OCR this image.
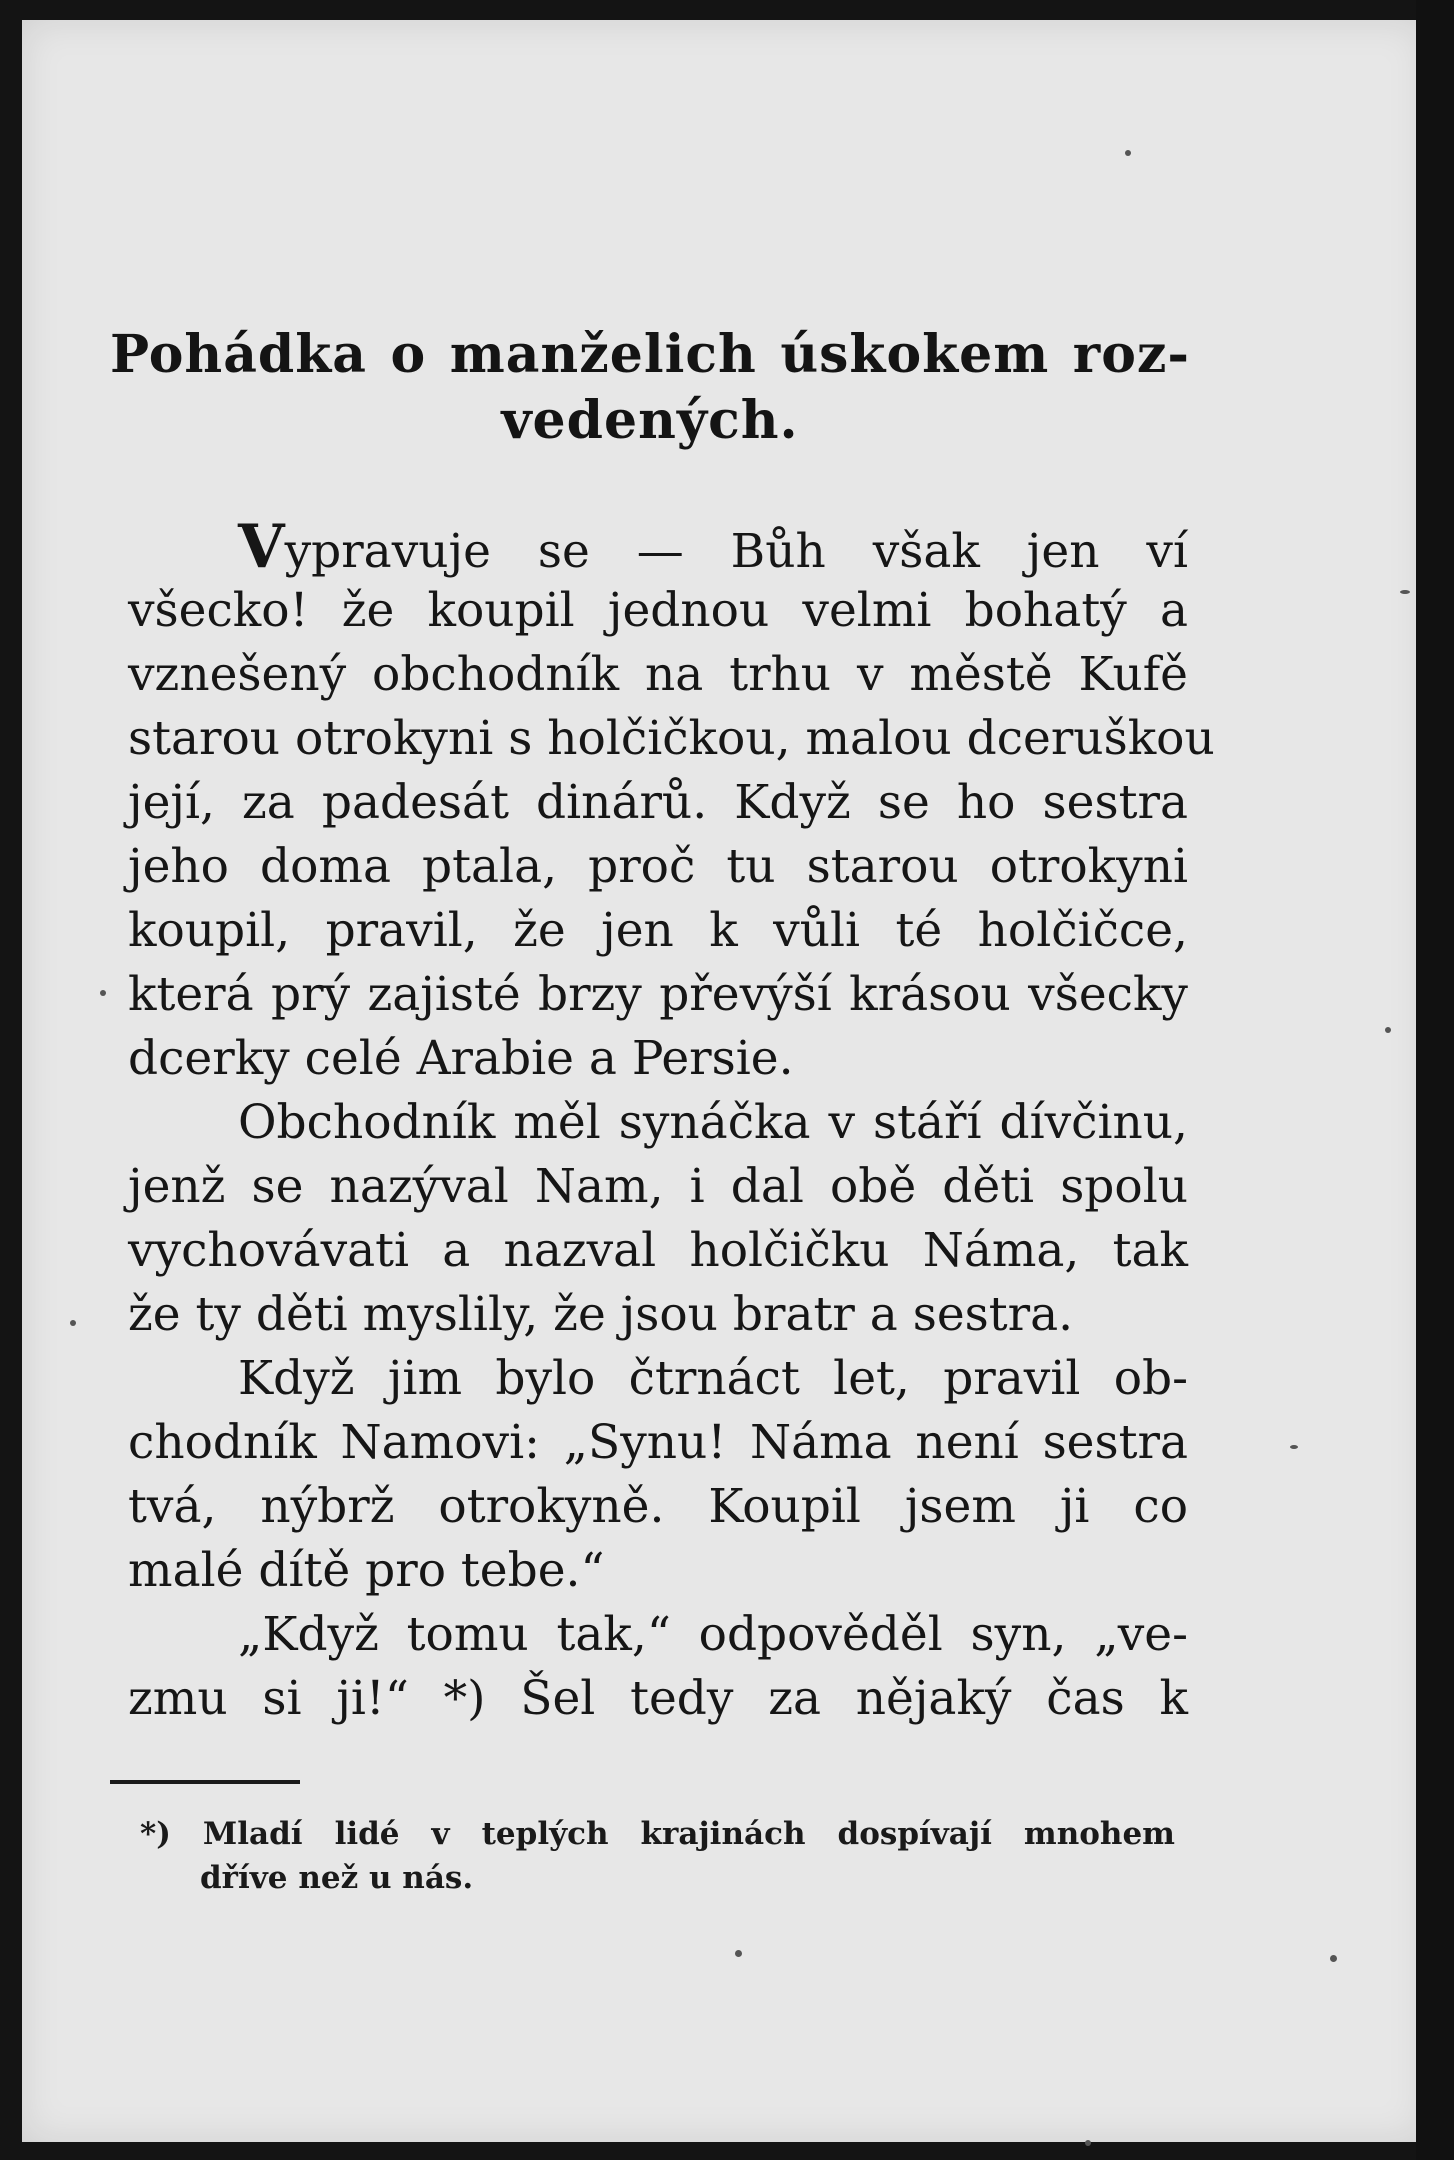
Pohádka o manželich úskokem roz-
vedených.
Vypravuje se — Bůh však jen ví
všecko! že koupil jednou velmi bohatý a
vznešený obchodník na trhu v městě Kufě
starou otrokyni s holčičkou, malou dceruškou
její, za padesát dinárů. Když se ho sestra
jeho doma ptala, proč tu starou otrokyni
koupil, pravil, že jen k vůli té holčičce,
která prý zajisté brzy převýší krásou všecky
dcerky celé Arabie a Persie.
Obchodník měl synáčka v stáří dívčinu,
jenž se nazýval Nam, i dal obě děti spolu
vychovávati a nazval holčičku Náma, tak
že ty děti myslily, že jsou bratr a sestra.
Když jim bylo čtrnáct let, pravil ob-
chodník Namovi: „Synu! Náma není sestra
tvá, nýbrž otrokyně. Koupil jsem ji co
malé dítě pro tebe.“
„Když tomu tak,“ odpověděl syn, „ve-
zmu si ji!“ *) Šel tedy za nějaký čas k
*) Mladí lidé v teplých krajinách dospívají mnohem
dříve než u nás.
